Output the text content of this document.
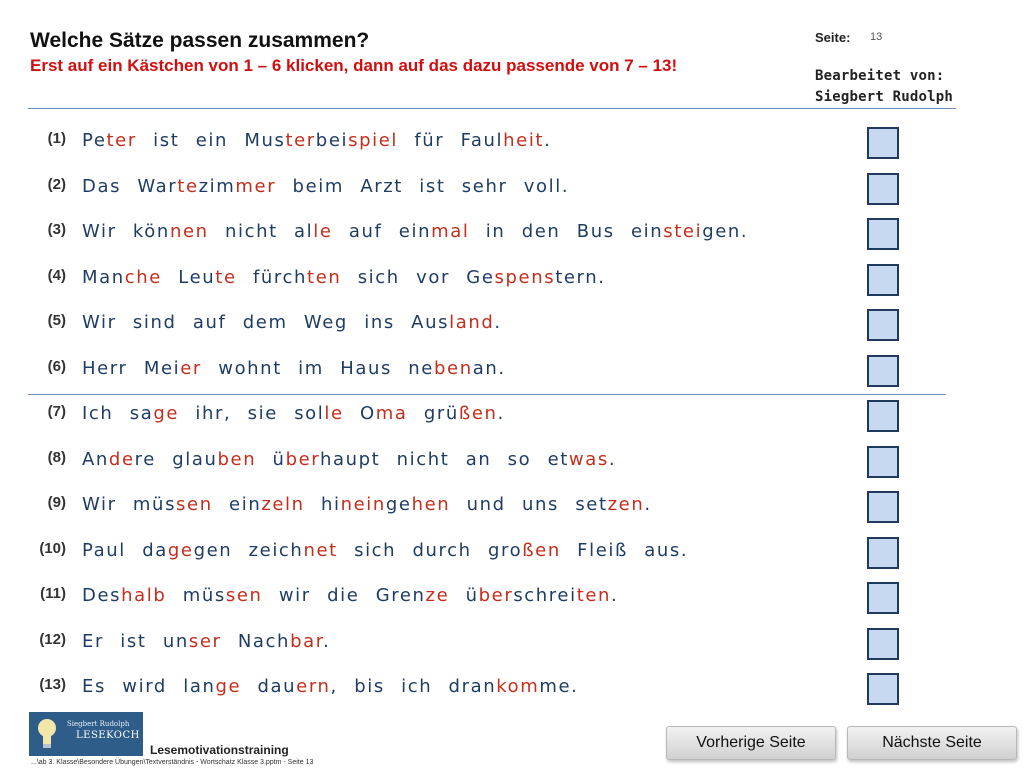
Welche Sätze passen zusammen?
Erst auf ein Kästchen von 1 – 6 klicken, dann auf das dazu passende von 7 – 13!
Seite: 13
Bearbeitet von:
Siegbert Rudolph
(1) Peter ist ein Musterbeispiel für Faulheit.
(2) Das Wartezimmer beim Arzt ist sehr voll.
(3) Wir können nicht alle auf einmal in den Bus einsteigen.
(4) Manche Leute fürchten sich vor Gespenstern.
(5) Wir sind auf dem Weg ins Ausland.
(6) Herr Meier wohnt im Haus nebenan.
(7) Ich sage ihr, sie solle Oma grüßen.
(8) Andere glauben überhaupt nicht an so etwas.
(9) Wir müssen einzeln hineingehen und uns setzen.
(10) Paul dagegen zeichnet sich durch großen Fleiß aus.
(11) Deshalb müssen wir die Grenze überschreiten.
(12) Er ist unser Nachbar.
(13) Es wird lange dauern, bis ich drankomme.
Siegbert Rudolph
LESEKOCH
Lesemotivationstraining
...\ab 3. Klasse\Besondere Übungen\Textverständnis - Wortschatz Klasse 3.pptm - Seite 13
Vorherige Seite	Nächste Seite
